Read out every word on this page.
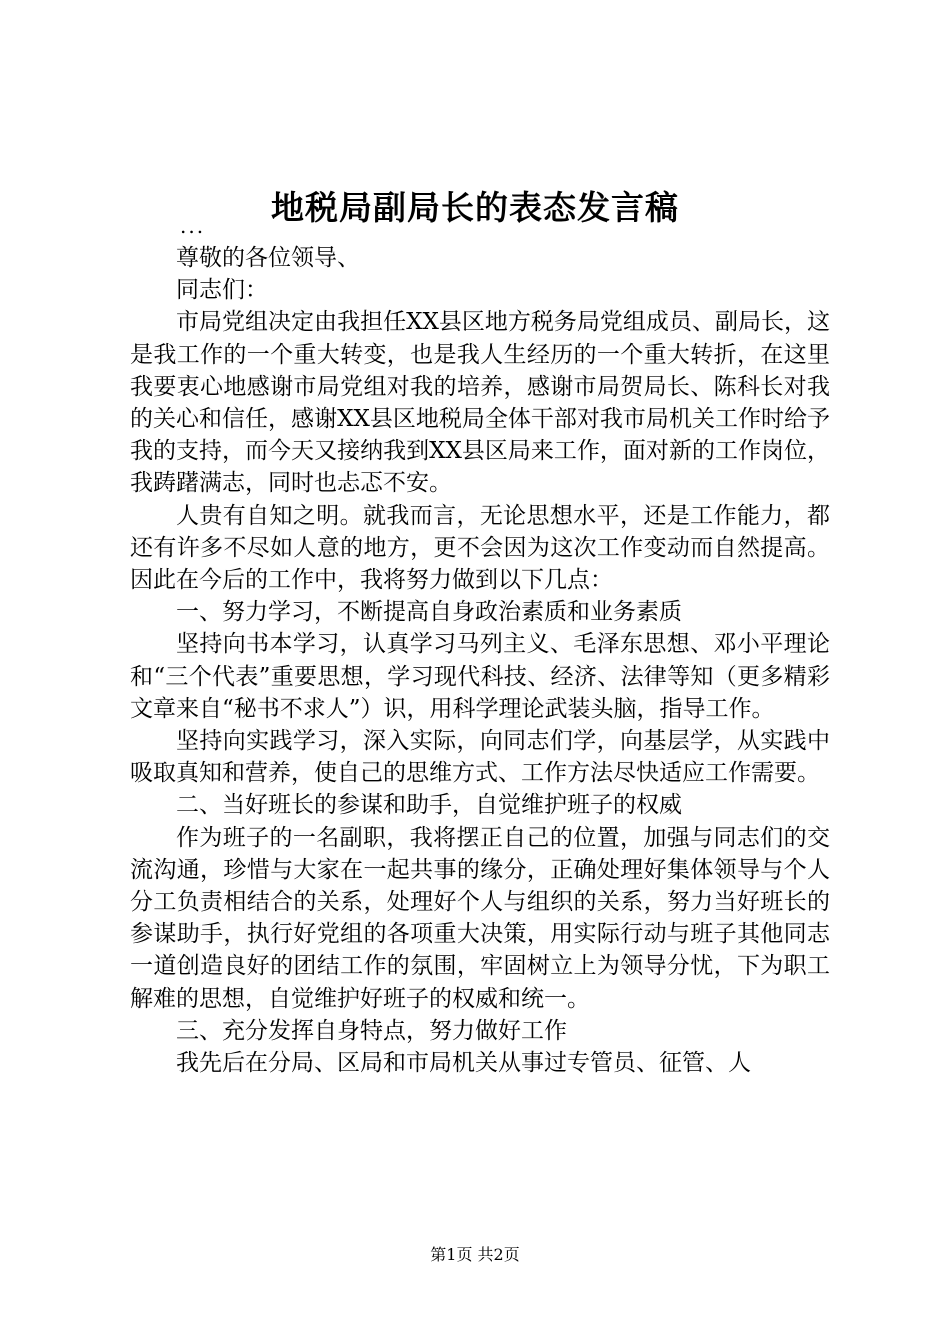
地税局副局长的表态发言稿
...

尊敬的各位领导、

同志们：

市局党组决定由我担任XX县区地方税务局党组成员、副局长，这是我工作的一个重大转变，也是我人生经历的一个重大转折，在这里我要衷心地感谢市局党组对我的培养，感谢市局贺局长、陈科长对我的关心和信任，感谢XX县区地税局全体干部对我市局机关工作时给予我的支持，而今天又接纳我到XX县区局来工作，面对新的工作岗位，我踌躇满志，同时也忐忑不安。

人贵有自知之明。就我而言，无论思想水平，还是工作能力，都还有许多不尽如人意的地方，更不会因为这次工作变动而自然提高。因此在今后的工作中，我将努力做到以下几点：

一、努力学习，不断提高自身政治素质和业务素质

坚持向书本学习，认真学习马列主义、毛泽东思想、邓小平理论和“三个代表”重要思想，学习现代科技、经济、法律等知（更多精彩文章来自“秘书不求人”）识，用科学理论武装头脑，指导工作。

坚持向实践学习，深入实际，向同志们学，向基层学，从实践中吸取真知和营养，使自己的思维方式、工作方法尽快适应工作需要。

二、当好班长的参谋和助手，自觉维护班子的权威

作为班子的一名副职，我将摆正自己的位置，加强与同志们的交流沟通，珍惜与大家在一起共事的缘分，正确处理好集体领导与个人分工负责相结合的关系，处理好个人与组织的关系，努力当好班长的参谋助手，执行好党组的各项重大决策，用实际行动与班子其他同志一道创造良好的团结工作的氛围，牢固树立上为领导分忧，下为职工解难的思想，自觉维护好班子的权威和统一。

三、充分发挥自身特点，努力做好工作

我先后在分局、区局和市局机关从事过专管员、征管、人

第1页 共2页
